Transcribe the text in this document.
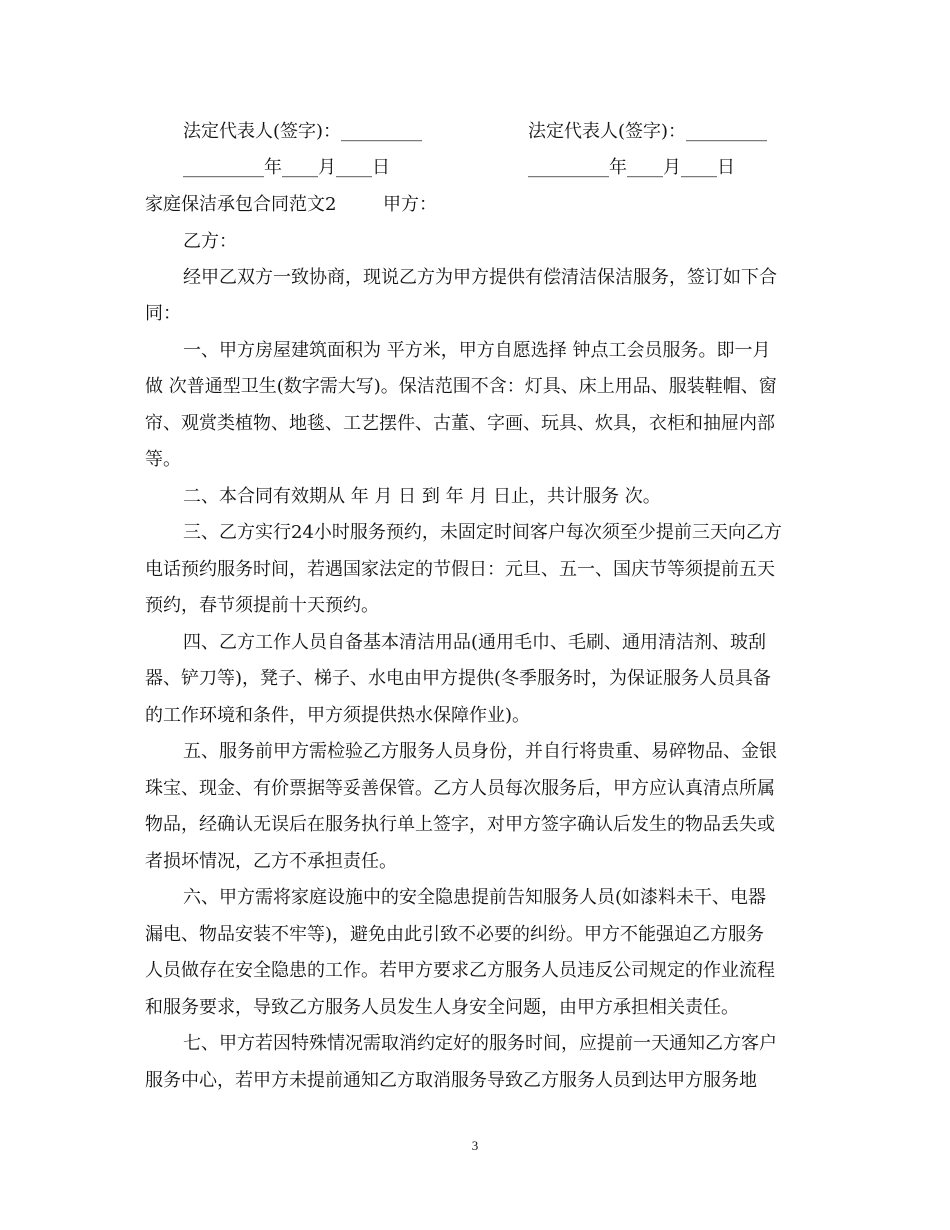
法定代表人(签字)：_________	法定代表人(签字)：_________
_________年____月____日	_________年____月____日
家庭保洁承包合同范文2	甲方：
乙方：
经甲乙双方一致协商，现说乙方为甲方提供有偿清洁保洁服务，签订如下合
同：
一、甲方房屋建筑面积为 平方米，甲方自愿选择 钟点工会员服务。即一月
做 次普通型卫生(数字需大写)。保洁范围不含：灯具、床上用品、服装鞋帽、窗
帘、观赏类植物、地毯、工艺摆件、古董、字画、玩具、炊具，衣柜和抽屉内部
等。
二、本合同有效期从 年 月 日 到 年 月 日止，共计服务 次。
三、乙方实行24小时服务预约，未固定时间客户每次须至少提前三天向乙方
电话预约服务时间，若遇国家法定的节假日：元旦、五一、国庆节等须提前五天
预约，春节须提前十天预约。
四、乙方工作人员自备基本清洁用品(通用毛巾、毛刷、通用清洁剂、玻刮
器、铲刀等)，凳子、梯子、水电由甲方提供(冬季服务时，为保证服务人员具备
的工作环境和条件，甲方须提供热水保障作业)。
五、服务前甲方需检验乙方服务人员身份，并自行将贵重、易碎物品、金银
珠宝、现金、有价票据等妥善保管。乙方人员每次服务后，甲方应认真清点所属
物品，经确认无误后在服务执行单上签字，对甲方签字确认后发生的物品丢失或
者损坏情况，乙方不承担责任。
六、甲方需将家庭设施中的安全隐患提前告知服务人员(如漆料未干、电器
漏电、物品安装不牢等)，避免由此引致不必要的纠纷。甲方不能强迫乙方服务
人员做存在安全隐患的工作。若甲方要求乙方服务人员违反公司规定的作业流程
和服务要求，导致乙方服务人员发生人身安全问题，由甲方承担相关责任。
七、甲方若因特殊情况需取消约定好的服务时间，应提前一天通知乙方客户
服务中心，若甲方未提前通知乙方取消服务导致乙方服务人员到达甲方服务地
3
